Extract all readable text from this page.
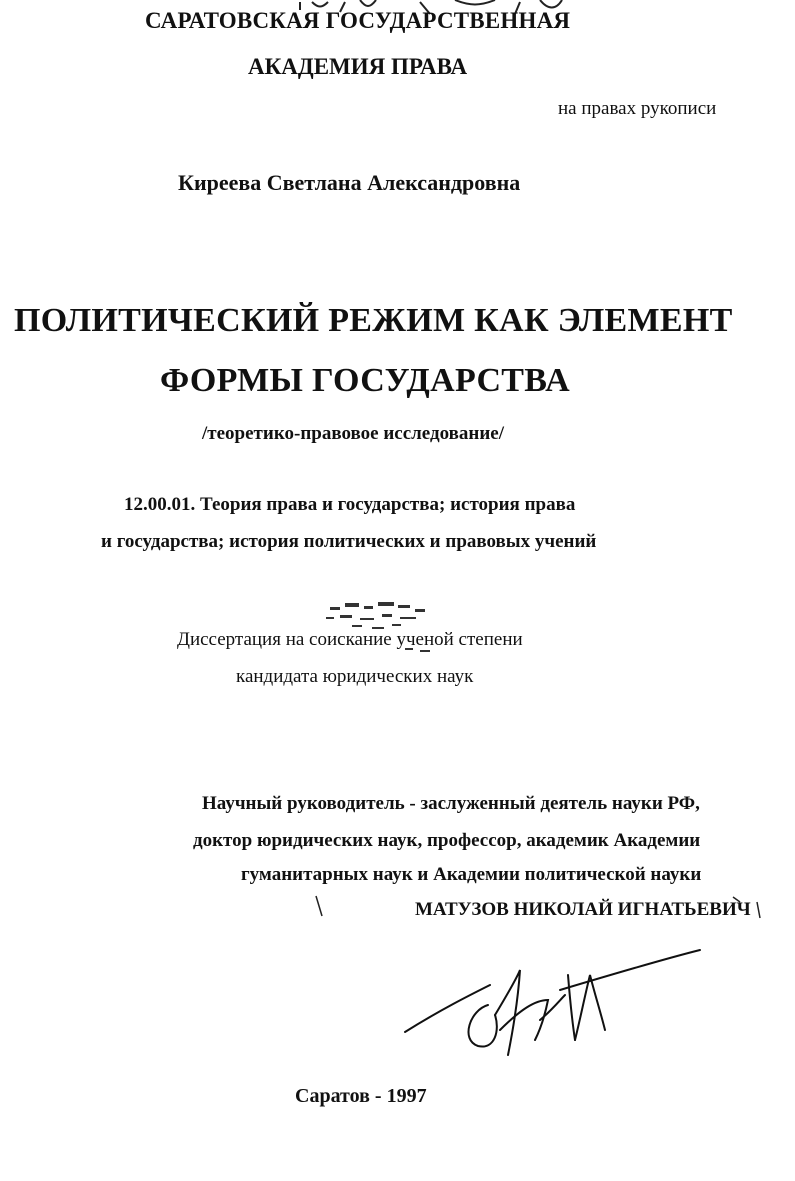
САРАТОВСКАЯ ГОСУДАРСТВЕННАЯ
АКАДЕМИЯ ПРАВА
на правах рукописи
Киреева Светлана Александровна
ПОЛИТИЧЕСКИЙ РЕЖИМ КАК ЭЛЕМЕНТ
ФОРМЫ ГОСУДАРСТВА
/теоретико-правовое исследование/
12.00.01. Теория права и государства; история права
и государства; история политических и правовых учений
Диссертация на соискание ученой степени
кандидата юридических наук
Научный руководитель - заслуженный деятель науки РФ,
доктор юридических наук, профессор, академик Академии
гуманитарных наук и Академии политической науки
МАТУЗОВ НИКОЛАЙ ИГНАТЬЕВИЧ
Саратов - 1997
